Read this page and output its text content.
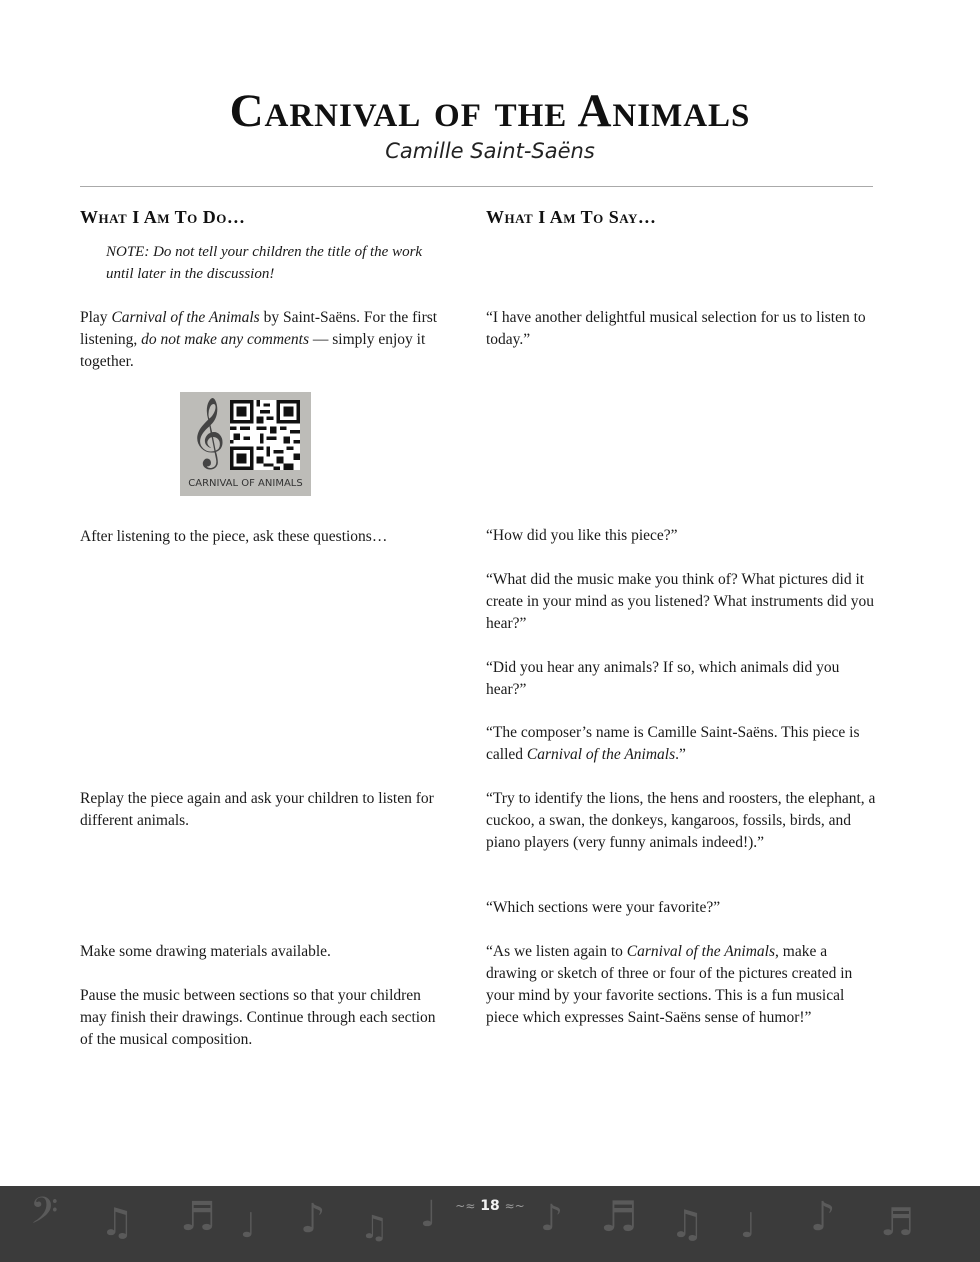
Carnival of the Animals
Camille Saint-Saëns
What I Am To Do…	What I Am To Say…
NOTE: Do not tell your children the title of the work until later in the discussion!
Play Carnival of the Animals by Saint-Saëns. For the first listening, do not make any comments — simply enjoy it together.
𝄞
CARNIVAL OF ANIMALS
After listening to the piece, ask these questions…
Replay the piece again and ask your children to listen for different animals.
Make some drawing materials available.
Pause the music between sections so that your children may finish their drawings. Continue through each section of the musical composition.
“I have another delightful musical selection for us to listen to today.”
“How did you like this piece?”
“What did the music make you think of? What pictures did it create in your mind as you listened? What instruments did you hear?”
“Did you hear any animals? If so, which animals did you hear?”
“The composer’s name is Camille Saint-Saëns. This piece is called Carnival of the Animals.”
“Try to identify the lions, the hens and roosters, the elephant, a cuckoo, a swan, the donkeys, kangaroos, fossils, birds, and piano players (very funny animals indeed!).”
“Which sections were your favorite?”
“As we listen again to Carnival of the Animals, make a drawing or sketch of three or four of the pictures created in your mind by your favorite sections. This is a fun musical piece which expresses Saint-Saëns sense of humor!”
𝄢 ♫ ♬ ♩ ♪ ♫ ♩	♪ ♬ ♫ ♩ ♪ ♬
~≈ 18 ≈~
